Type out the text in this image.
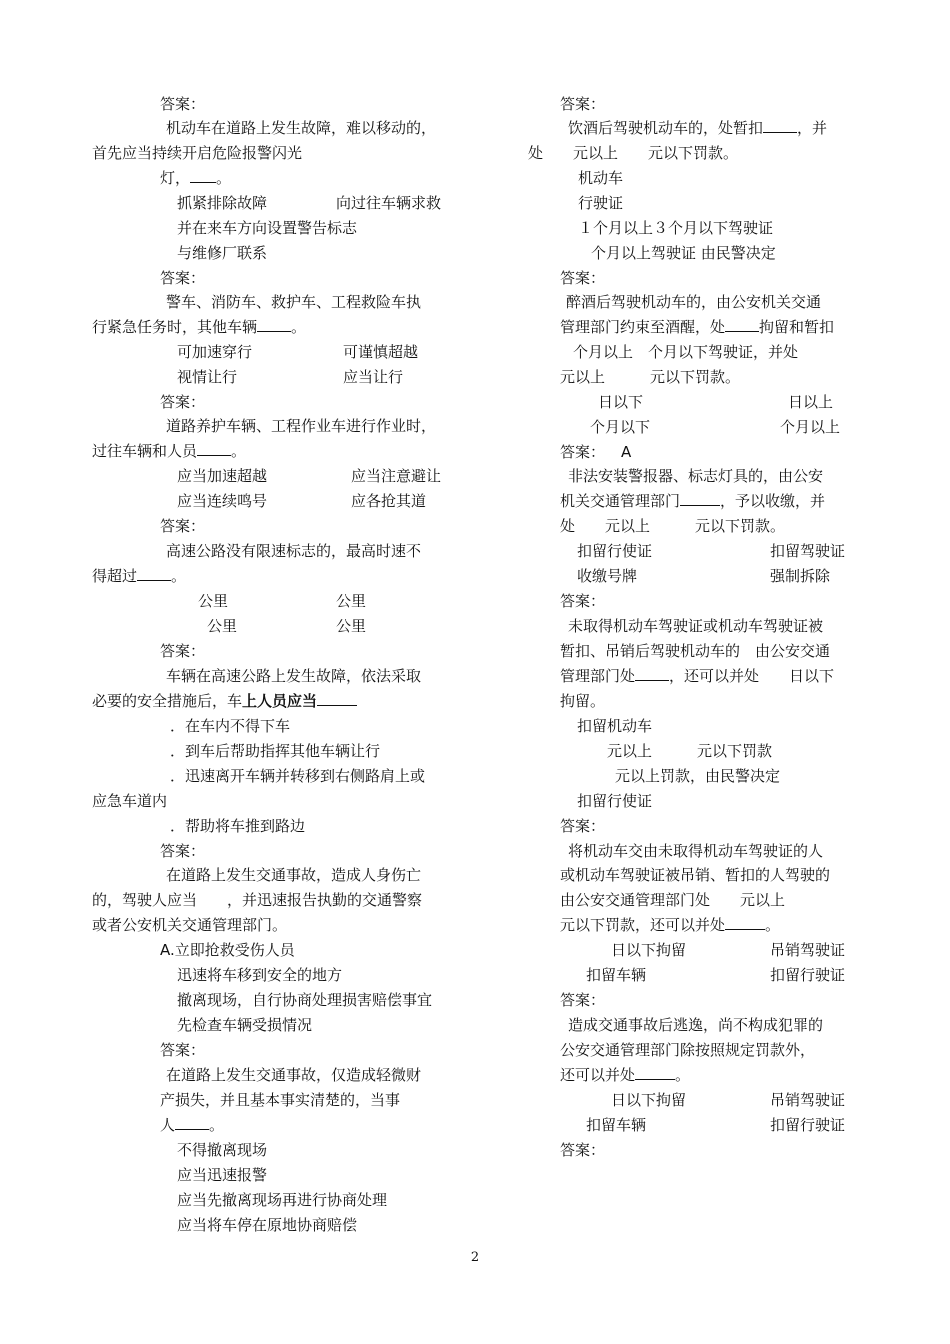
答案：
机动车在道路上发生故障，难以移动的，
首先应当持续开启危险报警闪光
灯， 。
抓紧排除故障	向过往车辆求救
并在来车方向设置警告标志
与维修厂联系
答案：
警车、消防车、救护车、工程救险车执
行紧急任务时，其他车辆 。
可加速穿行	可谨慎超越
视情让行	应当让行
答案：
道路养护车辆、工程作业车进行作业时，
过往车辆和人员 。
应当加速超越	应当注意避让
应当连续鸣号	应各抢其道
答案：
高速公路没有限速标志的，最高时速不
得超过 。
公里	公里
公里	公里
答案：
车辆在高速公路上发生故障，依法采取
必要的安全措施后，车上人员应当
．在车内不得下车
．到车后帮助指挥其他车辆让行
．迅速离开车辆并转移到右侧路肩上或
应急车道内
．帮助将车推到路边
答案：
在道路上发生交通事故，造成人身伤亡
的，驾驶人应当　　，并迅速报告执勤的交通警察
或者公安机关交通管理部门。
A.立即抢救受伤人员
迅速将车移到安全的地方
撤离现场，自行协商处理损害赔偿事宜
先检查车辆受损情况
答案：
在道路上发生交通事故，仅造成轻微财
产损失，并且基本事实清楚的，当事
人 。
不得撤离现场
应当迅速报警
应当先撤离现场再进行协商处理
应当将车停在原地协商赔偿
答案：
饮酒后驾驶机动车的，处暂扣 ，并
处　　元以上　　元以下罚款。
机动车
行驶证
１个月以上３个月以下驾驶证
个月以上驾驶证 由民警决定
答案：
醉酒后驾驶机动车的，由公安机关交通
管理部门约束至酒醒，处 拘留和暂扣
个月以上　个月以下驾驶证，并处
元以上　　　元以下罚款。
日以下	日以上
个月以下	个月以上
答案： A
非法安装警报器、标志灯具的，由公安
机关交通管理部门	，予以收缴，并
处　　元以上　　　元以下罚款。
扣留行使证	扣留驾驶证
收缴号牌	强制拆除
答案：
未取得机动车驾驶证或机动车驾驶证被
暂扣、吊销后驾驶机动车的　由公安交通
管理部门处 ，还可以并处　　日以下
拘留。
扣留机动车
元以上　　　元以下罚款
元以上罚款，由民警决定
扣留行使证
答案：
将机动车交由未取得机动车驾驶证的人
或机动车驾驶证被吊销、暂扣的人驾驶的
由公安交通管理部门处　　元以上
元以下罚款，还可以并处	。
日以下拘留	吊销驾驶证
扣留车辆	扣留行驶证
答案：
造成交通事故后逃逸，尚不构成犯罪的
公安交通管理部门除按照规定罚款外，
还可以并处	。
日以下拘留	吊销驾驶证
扣留车辆	扣留行驶证
答案：
2
